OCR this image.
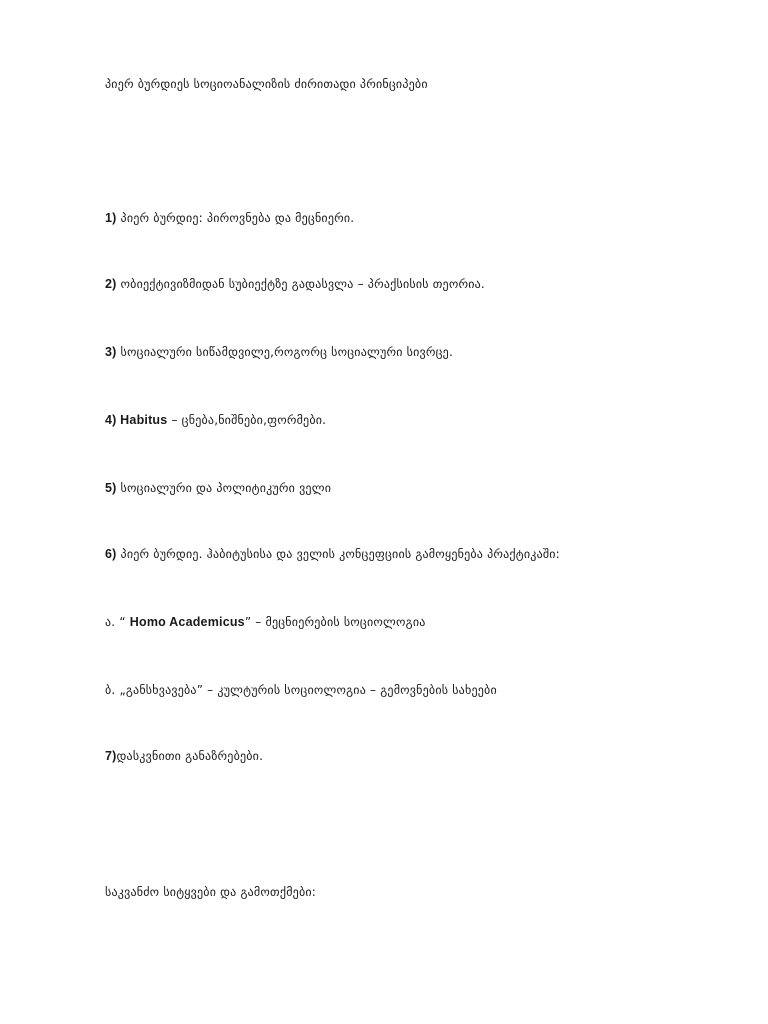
პიერ ბურდიეს სოციოანალიზის ძირითადი პრინციპები
1) პიერ ბურდიე: პიროვნება და მეცნიერი.
2) ობიექტივიზმიდან სუბიექტზე გადასვლა – პრაქსისის თეორია.
3) სოციალური სიწამდვილე,როგორც სოციალური სივრცე.
4) Habitus – ცნება,ნიშნები,ფორმები.
5) სოციალური და პოლიტიკური ველი
6) პიერ ბურდიე. ჰაბიტუსისა და ველის კონცეფციის გამოყენება პრაქტიკაში:
ა. “ Homo Academicus” – მეცნიერების სოციოლოგია
ბ. „განსხვავება” – კულტურის სოციოლოგია – გემოვნების სახეები
7)დასკვნითი განაზრებები.
საკვანძო სიტყვები და გამოთქმები:
